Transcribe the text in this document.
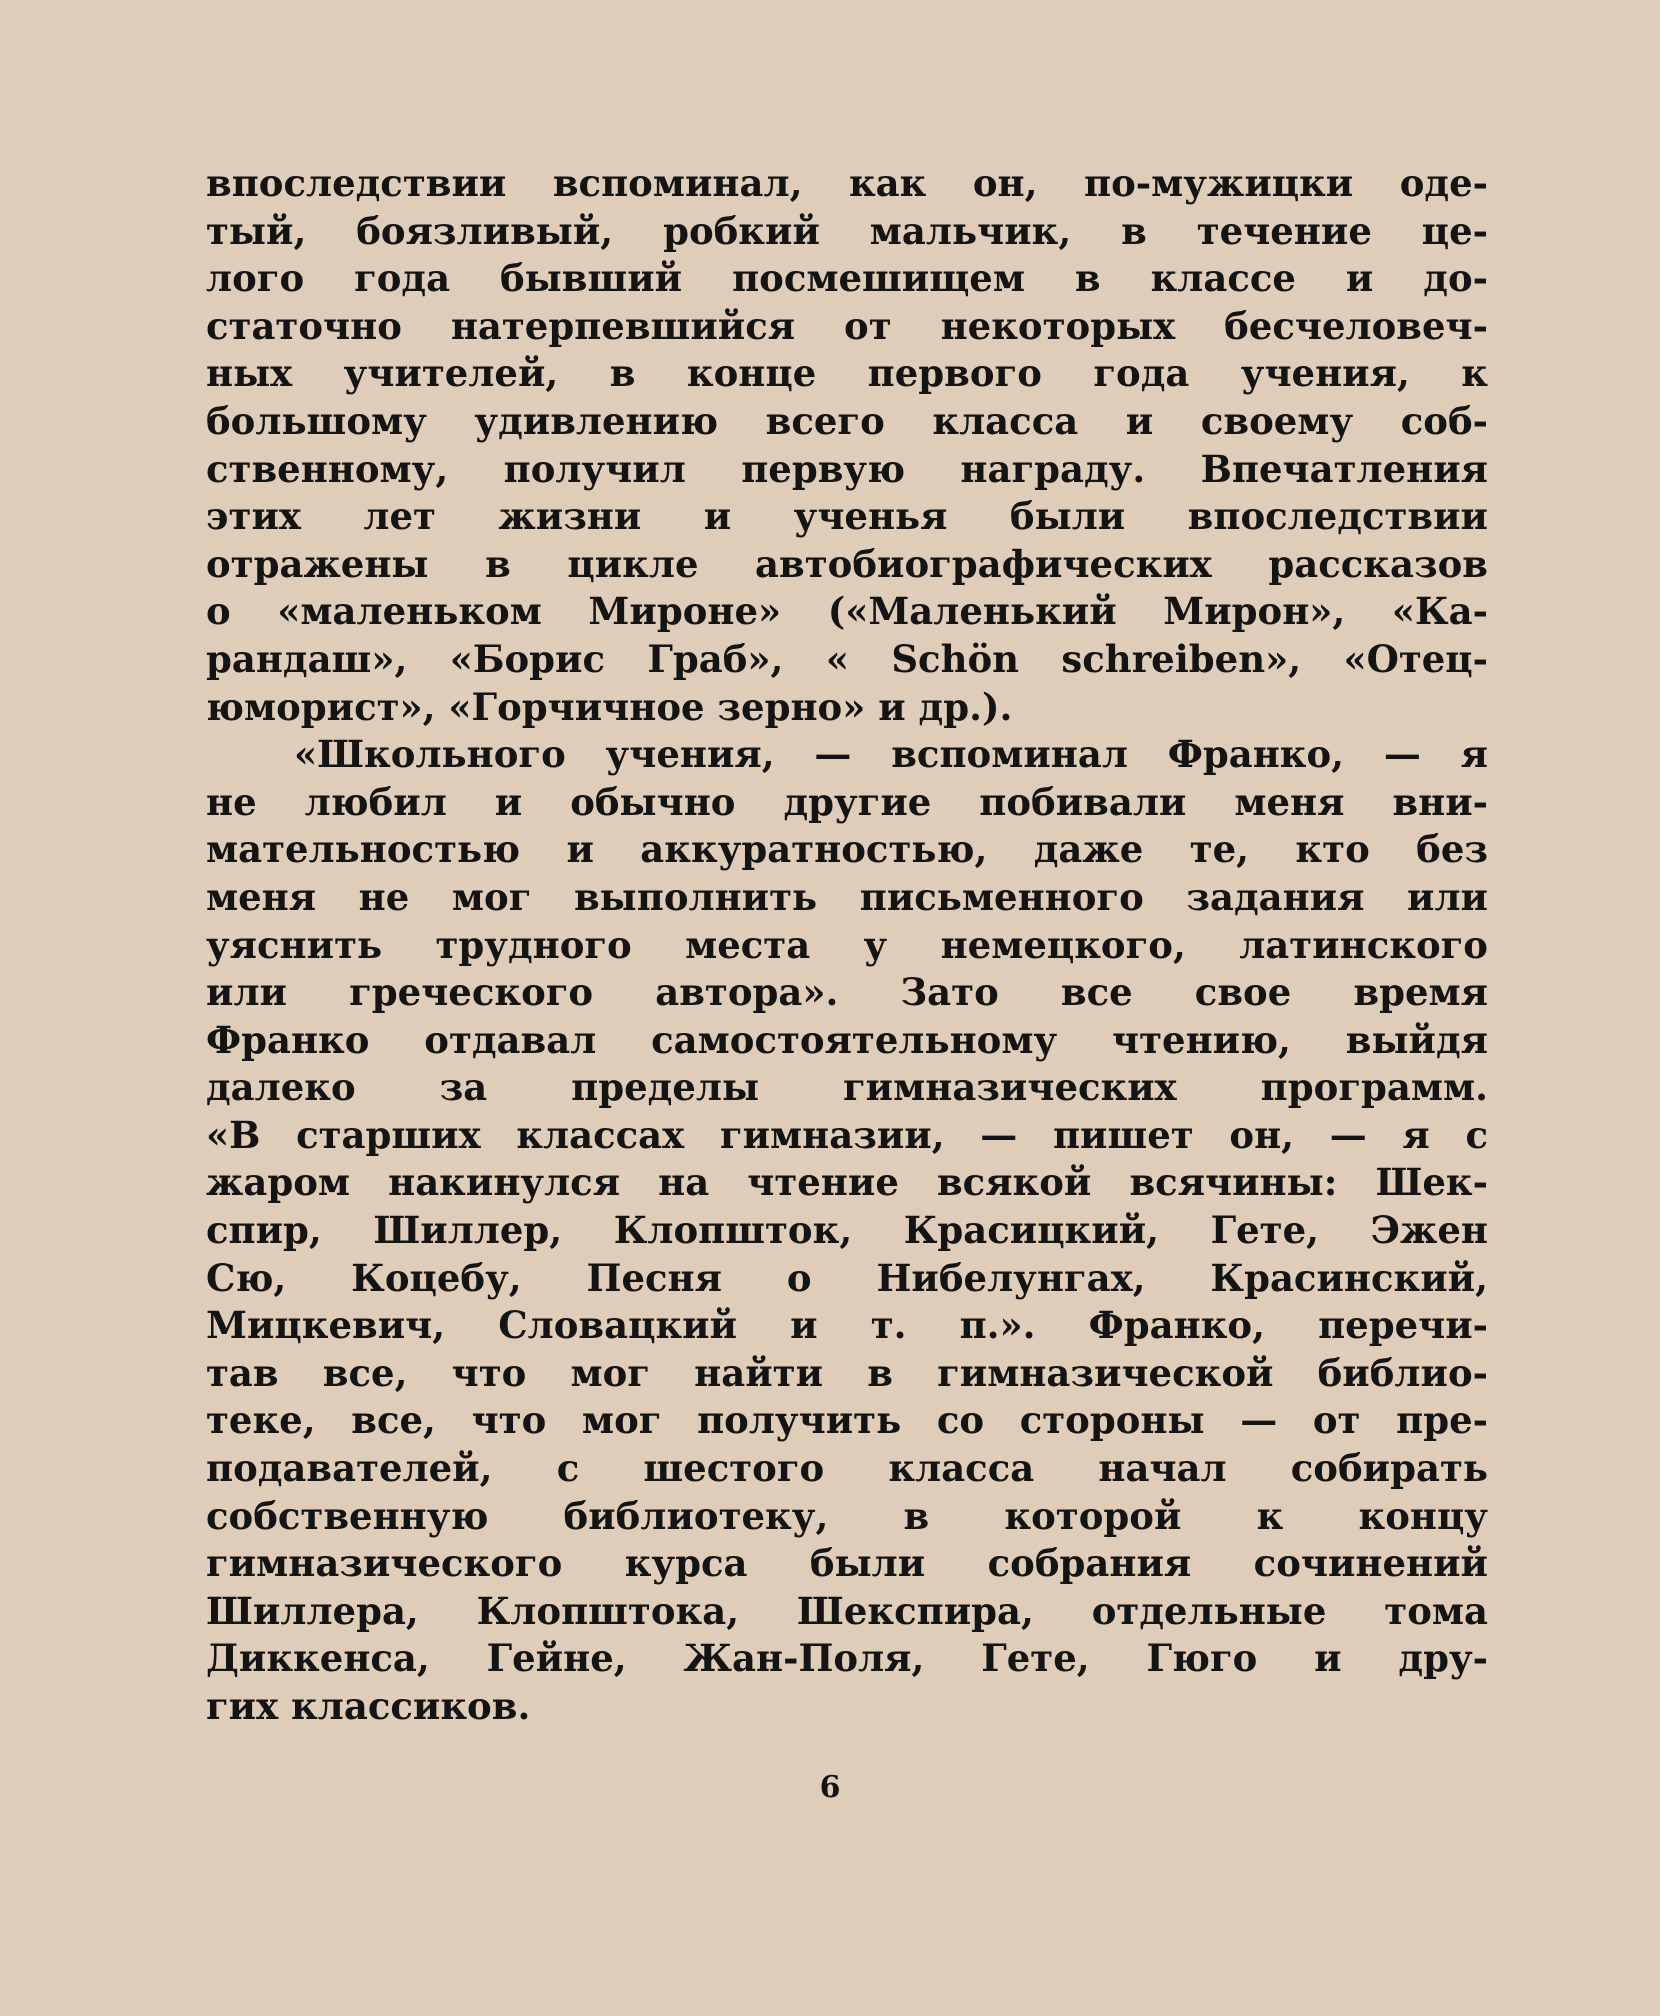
впоследствии вспоминал, как он, по-мужицки оде-
тый, боязливый, робкий мальчик, в течение це-
лого года бывший посмешищем в классе и до-
статочно натерпевшийся от некоторых бесчеловеч-
ных учителей, в конце первого года учения, к
большому удивлению всего класса и своему соб-
ственному, получил первую награду. Впечатления
этих лет жизни и ученья были впоследствии
отражены в цикле автобиографических рассказов
о «маленьком Мироне» («Маленький Мирон», «Ка-
рандаш», «Борис Граб», « Schön schreiben», «Отец-
юморист», «Горчичное зерно» и др.).
«Школьного учения, — вспоминал Франко, — я
не любил и обычно другие побивали меня вни-
мательностью и аккуратностью, даже те, кто без
меня не мог выполнить письменного задания или
уяснить трудного места у немецкого, латинского
или греческого автора». Зато все свое время
Франко отдавал самостоятельному чтению, выйдя
далеко за пределы гимназических программ.
«В старших классах гимназии, — пишет он, — я с
жаром накинулся на чтение всякой всячины: Шек-
спир, Шиллер, Клопшток, Красицкий, Гете, Эжен
Сю, Коцебу, Песня о Нибелунгах, Красинский,
Мицкевич, Словацкий и т. п.». Франко, перечи-
тав все, что мог найти в гимназической библио-
теке, все, что мог получить со стороны — от пре-
подавателей, с шестого класса начал собирать
собственную библиотеку, в которой к концу
гимназического курса были собрания сочинений
Шиллера, Клопштока, Шекспира, отдельные тома
Диккенса, Гейне, Жан-Поля, Гете, Гюго и дру-
гих классиков.
6
